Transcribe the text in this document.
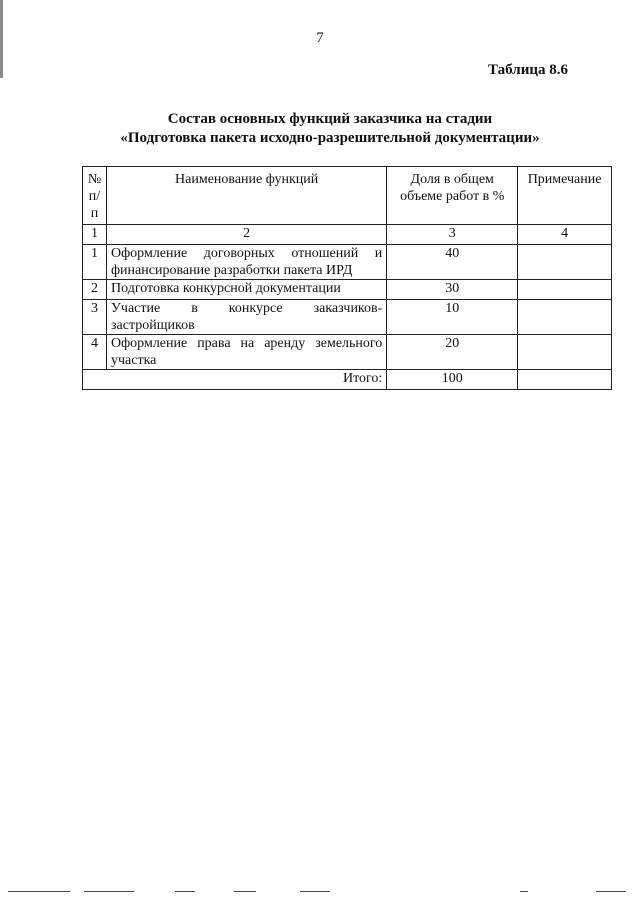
7
Таблица 8.6
Состав основных функций заказчика на стадии
«Подготовка пакета исходно-разрешительной документации»
№ п/п	Наименование функций	Доля в общем объеме работ в %	Примечание
1	2	3	4
1	Оформление договорных отношений и финансирование разработки пакета ИРД	40	
2	Подготовка конкурсной документации	30	
3	Участие в конкурсе заказчиков-застройщиков	10	
4	Оформление права на аренду земельного участка	20	
Итого:		100	
